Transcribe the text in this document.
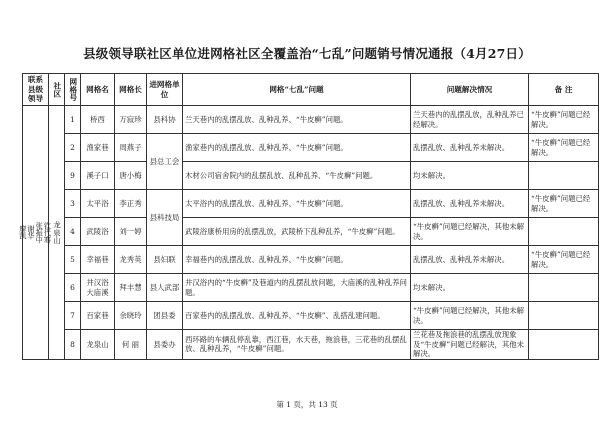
县级领导联社区单位进网格社区全覆盖治“七乱”问题销号情况通报（4月27日）
联系县级领导	社区	网格号	网格名	网格长	进网格单位	网格“七乱”问题	问题解决情况	备 注

钦代骞
张振中
谢华
廖凯	龙泉山	1	桥西	万寂珍	县科协	兰天巷内的乱摆乱放、乱种乱养、“牛皮癣”问题。	兰天巷内的乱摆乱放，乱种乱养已经解决。	“牛皮癣”问题已经解决。
		2	渔家巷	周燕子	县总工会	渔家巷内的乱摆乱放、乱种乱养、“牛皮癣”问题。	乱摆乱放、乱种乱养未解决。	“牛皮癣”问题已经解决。
		9	溪子口	唐小梅		木材公司宿舍院内的乱摆乱放、乱种乱养、“牛皮癣”问题。	均未解决。	
		3	太平浴	李正秀	县科技局	太平浴内的乱摆乱放、乱种乱养、“牛皮癣”问题。	乱摆乱放、乱种乱养未解决。	“牛皮癣”问题已经解决。
		4	武陵浴	刘一婷		武陵浴康桥用房的乱摆乱放，武陵桥下乱种乱养，“牛皮癣”问题。	“牛皮癣”问题已经解决，其他未解决。	
		5	幸福巷	龙秀英	县妇联	幸福巷内的乱摆乱放、乱种乱养、“牛皮癣”问题。	乱摆乱放、乱种乱养未解决。	“牛皮癣”问题已经解决。
		6	井汉浴大庙溪	拜丰慧	县人武部	井汉浴内的“牛皮癣”及巷道内的乱摆乱放问题，大庙溪的乱种乱养问题。	均未解决。	
		7	百家巷	余晓玲	团县委	百家巷内的乱摆乱放、乱种乱养、“牛皮癣”、乱搭乱建问题。	“牛皮癣”问题已经解决，其他未解决。	
		8	龙泉山	何 丽	县委办	西环路的车辆乱停乱靠，西江巷，水天巷，拖浪巷，三花巷的乱摆乱放、乱种乱养，“牛皮癣”问题。	兰花巷及拖浪巷的乱摆乱放现象及“牛皮癣”问题已经解决，其他未解决。	
第 1 页，共 13 页
